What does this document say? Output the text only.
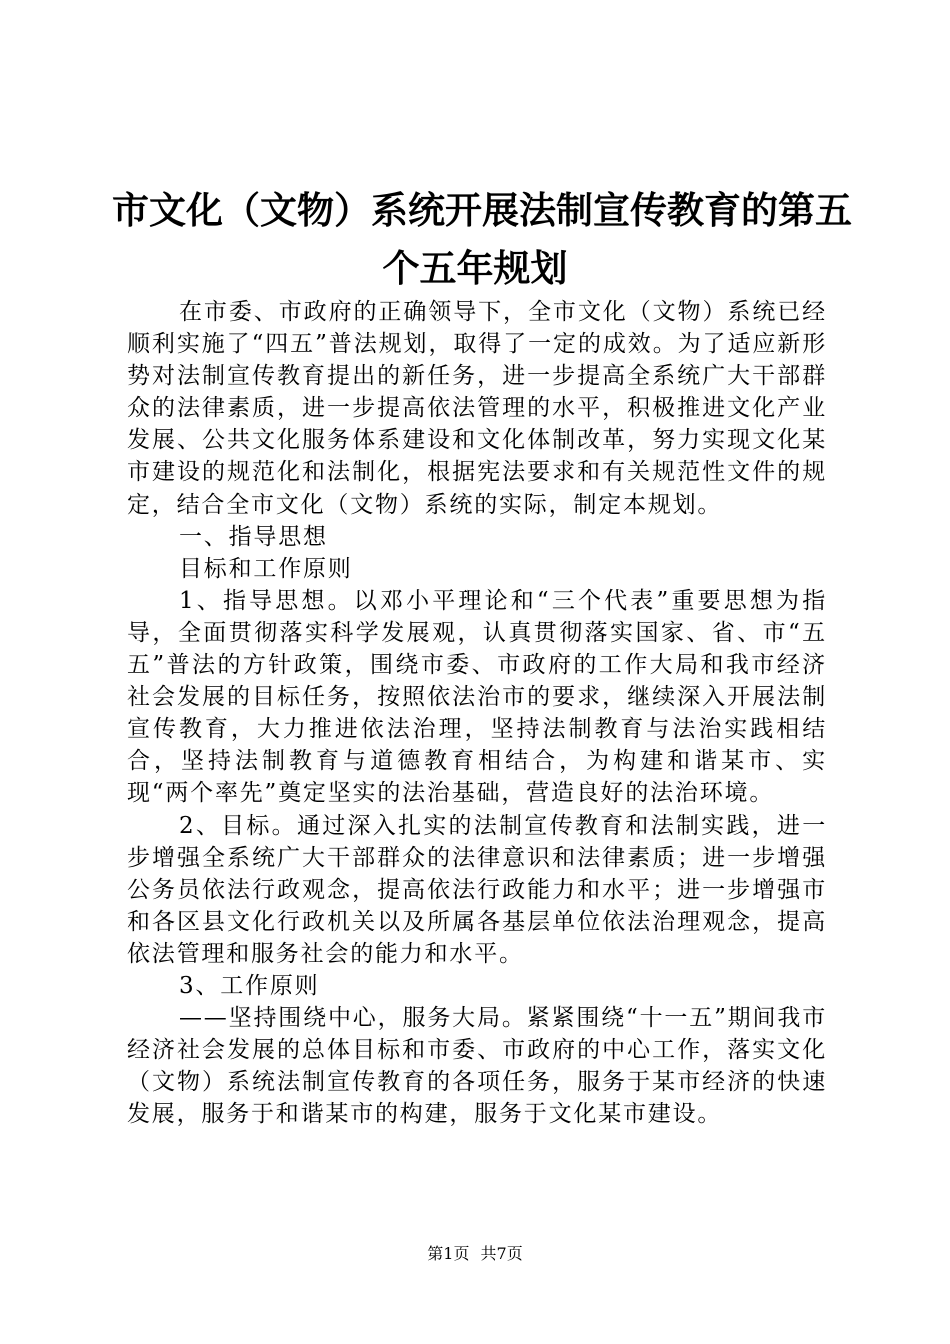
市文化（文物）系统开展法制宣传教育的第五
个五年规划

在市委、市政府的正确领导下，全市文化（文物）系统已经顺利实施了“四五”普法规划，取得了一定的成效。为了适应新形势对法制宣传教育提出的新任务，进一步提高全系统广大干部群众的法律素质，进一步提高依法管理的水平，积极推进文化产业发展、公共文化服务体系建设和文化体制改革，努力实现文化某市建设的规范化和法制化，根据宪法要求和有关规范性文件的规定，结合全市文化（文物）系统的实际，制定本规划。

一、指导思想

目标和工作原则

1、指导思想。以邓小平理论和“三个代表”重要思想为指导，全面贯彻落实科学发展观，认真贯彻落实国家、省、市“五五”普法的方针政策，围绕市委、市政府的工作大局和我市经济社会发展的目标任务，按照依法治市的要求，继续深入开展法制宣传教育，大力推进依法治理，坚持法制教育与法治实践相结合，坚持法制教育与道德教育相结合，为构建和谐某市、实现“两个率先”奠定坚实的法治基础，营造良好的法治环境。

2、目标。通过深入扎实的法制宣传教育和法制实践，进一步增强全系统广大干部群众的法律意识和法律素质；进一步增强公务员依法行政观念，提高依法行政能力和水平；进一步增强市和各区县文化行政机关以及所属各基层单位依法治理观念，提高依法管理和服务社会的能力和水平。

3、工作原则

——坚持围绕中心，服务大局。紧紧围绕“十一五”期间我市经济社会发展的总体目标和市委、市政府的中心工作，落实文化（文物）系统法制宣传教育的各项任务，服务于某市经济的快速发展，服务于和谐某市的构建，服务于文化某市建设。

第1页 共7页
